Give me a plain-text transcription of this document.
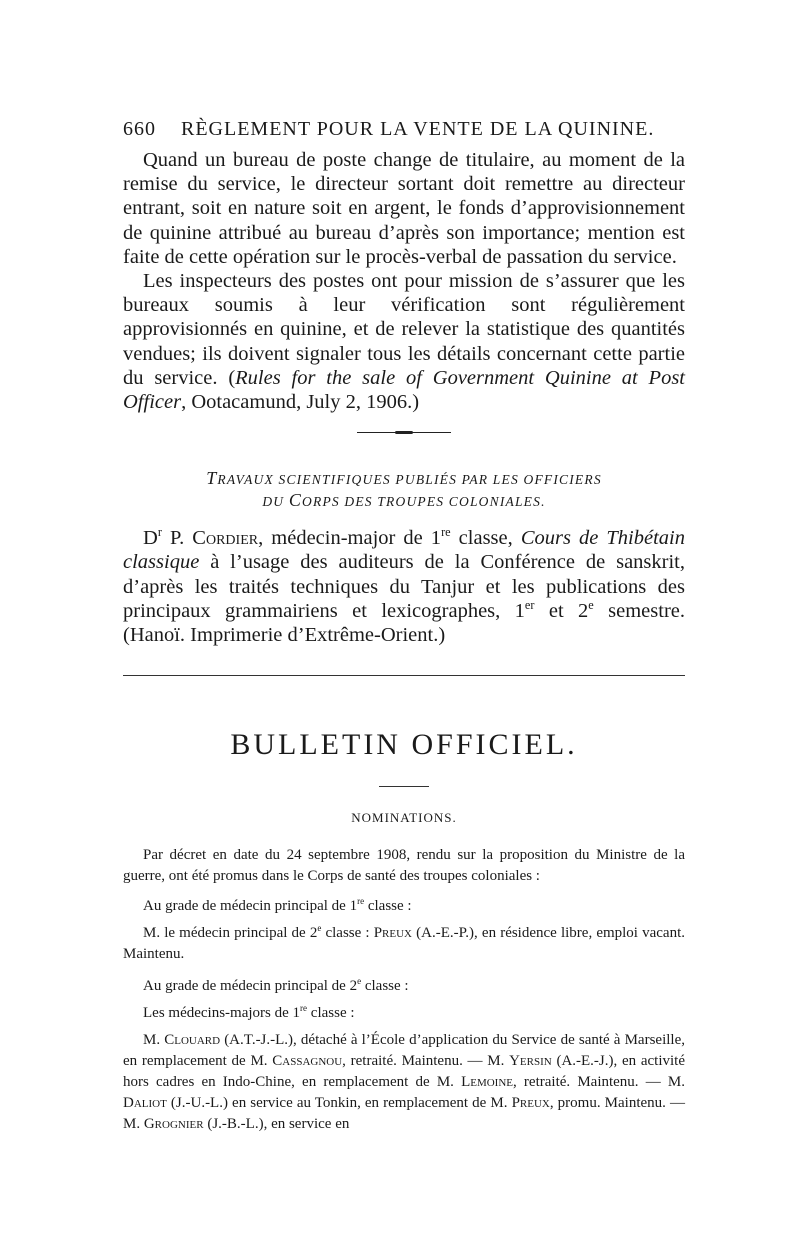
660 RÈGLEMENT POUR LA VENTE DE LA QUININE.

Quand un bureau de poste change de titulaire, au moment de la remise du service, le directeur sortant doit remettre au directeur entrant, soit en nature soit en argent, le fonds d’approvisionnement de quinine attribué au bureau d’après son importance; mention est faite de cette opération sur le procès-verbal de passation du service.

Les inspecteurs des postes ont pour mission de s’assurer que les bureaux soumis à leur vérification sont régulièrement approvisionnés en quinine, et de relever la statistique des quantités vendues; ils doivent signaler tous les détails concernant cette partie du service. (Rules for the sale of Government Quinine at Post Officer, Ootacamund, July 2, 1906.)

TRAVAUX SCIENTIFIQUES PUBLIÉS PAR LES OFFICIERS
DU CORPS DES TROUPES COLONIALES.

$D^r$ P. Cordier, médecin-major de 1re classe, Cours de Thibétain classique à l’usage des auditeurs de la Conférence de sanskrit, d’après les traités techniques du Tanjur et les publications des principaux grammairiens et lexicographes, 1er et 2e semestre. (Hanoï. Imprimerie d’Extrême-Orient.)

BULLETIN OFFICIEL.
NOMINATIONS.

Par décret en date du 24 septembre 1908, rendu sur la proposition du Ministre de la guerre, ont été promus dans le Corps de santé des troupes coloniales :

Au grade de médecin principal de 1re classe :

M. le médecin principal de 2e classe : Preux (A.-E.-P.), en résidence libre, emploi vacant. Maintenu.

Au grade de médecin principal de 2e classe :

Les médecins-majors de 1re classe :

M. Clouard (A.T.-J.-L.), détaché à l’École d’application du Service de santé à Marseille, en remplacement de M. Cassagnou, retraité. Maintenu. — M. Yersin (A.-E.-J.), en activité hors cadres en Indo-Chine, en remplacement de M. Lemoine, retraité. Maintenu. — M. Daliot (J.-U.-L.) en service au Tonkin, en remplacement de M. Preux, promu. Maintenu. — M. Grognier (J.-B.-L.), en service en
